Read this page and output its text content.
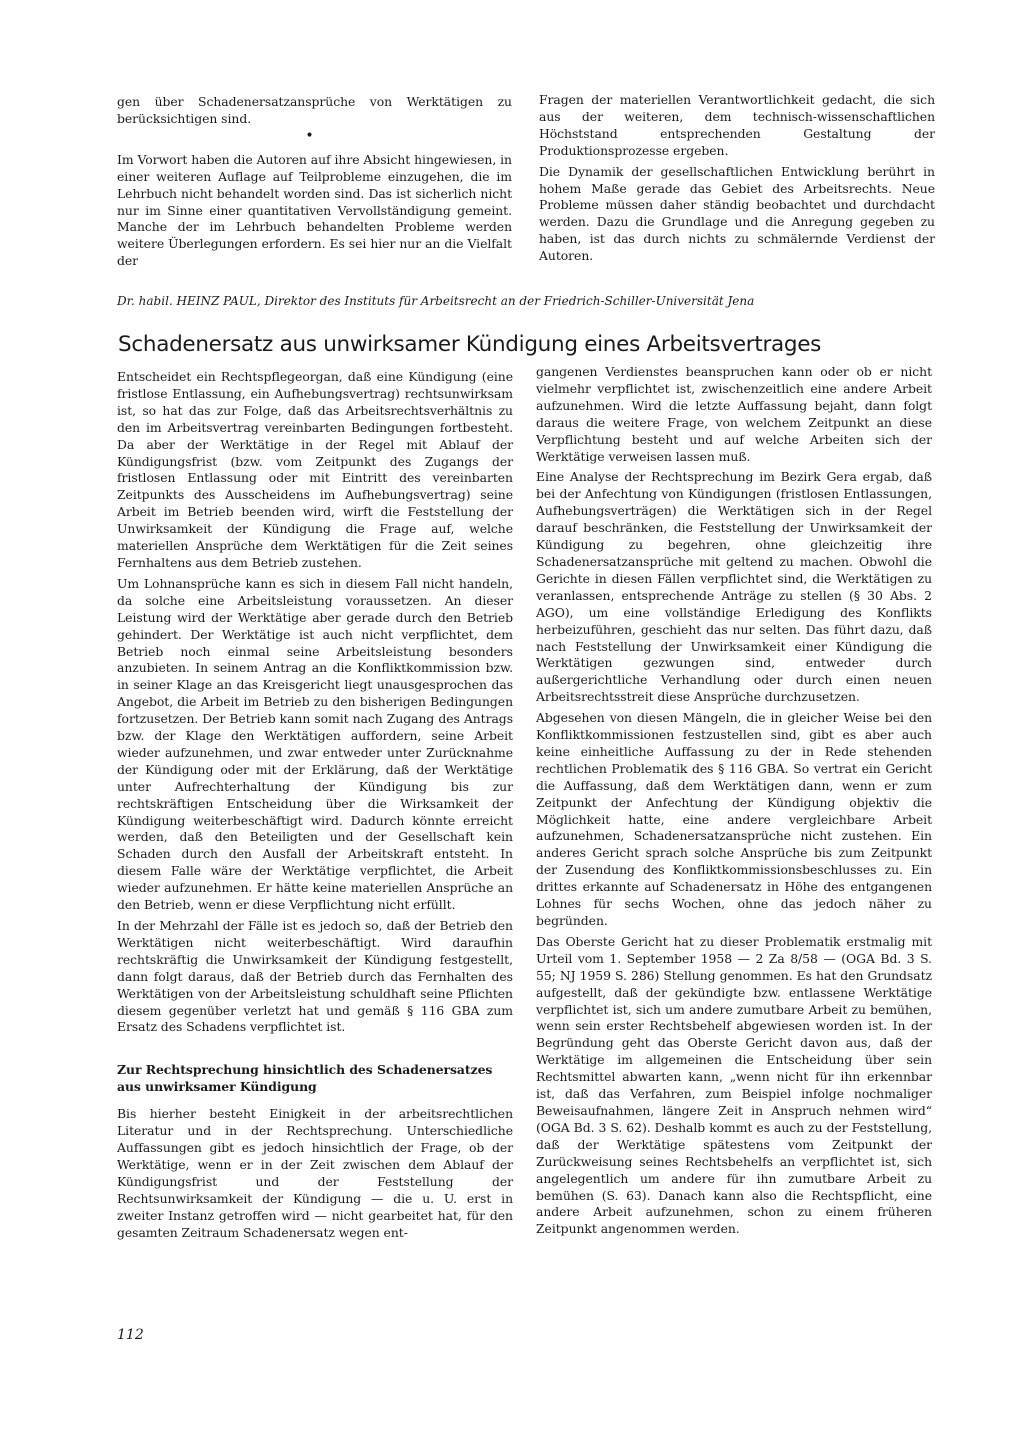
gen über Schadenersatzansprüche von Werktätigen zu berücksichtigen sind.

•

Im Vorwort haben die Autoren auf ihre Absicht hingewiesen, in einer weiteren Auflage auf Teilprobleme einzugehen, die im Lehrbuch nicht behandelt worden sind. Das ist sicherlich nicht nur im Sinne einer quantitativen Vervollständigung gemeint. Manche der im Lehrbuch behandelten Probleme werden weitere Überlegungen erfordern. Es sei hier nur an die Vielfalt der

Fragen der materiellen Verantwortlichkeit gedacht, die sich aus der weiteren, dem technisch-wissenschaftlichen Höchststand entsprechenden Gestaltung der Produktionsprozesse ergeben.

Die Dynamik der gesellschaftlichen Entwicklung berührt in hohem Maße gerade das Gebiet des Arbeitsrechts. Neue Probleme müssen daher ständig beobachtet und durchdacht werden. Dazu die Grundlage und die Anregung gegeben zu haben, ist das durch nichts zu schmälernde Verdienst der Autoren.

Dr. habil. HEINZ PAUL, Direktor des Instituts für Arbeitsrecht an der Friedrich-Schiller-Universität Jena
Schadenersatz aus unwirksamer Kündigung eines Arbeitsvertrages

Entscheidet ein Rechtspflegeorgan, daß eine Kündigung (eine fristlose Entlassung, ein Aufhebungsvertrag) rechtsunwirksam ist, so hat das zur Folge, daß das Arbeitsrechtsverhältnis zu den im Arbeitsvertrag vereinbarten Bedingungen fortbesteht. Da aber der Werktätige in der Regel mit Ablauf der Kündigungsfrist (bzw. vom Zeitpunkt des Zugangs der fristlosen Entlassung oder mit Eintritt des vereinbarten Zeitpunkts des Ausscheidens im Aufhebungsvertrag) seine Arbeit im Betrieb beenden wird, wirft die Feststellung der Unwirksamkeit der Kündigung die Frage auf, welche materiellen Ansprüche dem Werktätigen für die Zeit seines Fernhaltens aus dem Betrieb zustehen.

Um Lohnansprüche kann es sich in diesem Fall nicht handeln, da solche eine Arbeitsleistung voraussetzen. An dieser Leistung wird der Werktätige aber gerade durch den Betrieb gehindert. Der Werktätige ist auch nicht verpflichtet, dem Betrieb noch einmal seine Arbeitsleistung besonders anzubieten. In seinem Antrag an die Konfliktkommission bzw. in seiner Klage an das Kreisgericht liegt unausgesprochen das Angebot, die Arbeit im Betrieb zu den bisherigen Bedingungen fortzusetzen. Der Betrieb kann somit nach Zugang des Antrags bzw. der Klage den Werktätigen auffordern, seine Arbeit wieder aufzunehmen, und zwar entweder unter Zurücknahme der Kündigung oder mit der Erklärung, daß der Werktätige unter Aufrechterhaltung der Kündigung bis zur rechtskräftigen Entscheidung über die Wirksamkeit der Kündigung weiterbeschäftigt wird. Dadurch könnte erreicht werden, daß den Beteiligten und der Gesellschaft kein Schaden durch den Ausfall der Arbeitskraft entsteht. In diesem Falle wäre der Werktätige verpflichtet, die Arbeit wieder aufzunehmen. Er hätte keine materiellen Ansprüche an den Betrieb, wenn er diese Verpflichtung nicht erfüllt.

In der Mehrzahl der Fälle ist es jedoch so, daß der Betrieb den Werktätigen nicht weiterbeschäftigt. Wird daraufhin rechtskräftig die Unwirksamkeit der Kündigung festgestellt, dann folgt daraus, daß der Betrieb durch das Fernhalten des Werktätigen von der Arbeitsleistung schuldhaft seine Pflichten diesem gegenüber verletzt hat und gemäß § 116 GBA zum Ersatz des Schadens verpflichtet ist.

Zur Rechtsprechung hinsichtlich des Schadenersatzes aus unwirksamer Kündigung

Bis hierher besteht Einigkeit in der arbeitsrechtlichen Literatur und in der Rechtsprechung. Unterschiedliche Auffassungen gibt es jedoch hinsichtlich der Frage, ob der Werktätige, wenn er in der Zeit zwischen dem Ablauf der Kündigungsfrist und der Feststellung der Rechtsunwirksamkeit der Kündigung — die u. U. erst in zweiter Instanz getroffen wird — nicht gearbeitet hat, für den gesamten Zeitraum Schadenersatz wegen ent-

gangenen Verdienstes beanspruchen kann oder ob er nicht vielmehr verpflichtet ist, zwischenzeitlich eine andere Arbeit aufzunehmen. Wird die letzte Auffassung bejaht, dann folgt daraus die weitere Frage, von welchem Zeitpunkt an diese Verpflichtung besteht und auf welche Arbeiten sich der Werktätige verweisen lassen muß.

Eine Analyse der Rechtsprechung im Bezirk Gera ergab, daß bei der Anfechtung von Kündigungen (fristlosen Entlassungen, Aufhebungsverträgen) die Werktätigen sich in der Regel darauf beschränken, die Feststellung der Unwirksamkeit der Kündigung zu begehren, ohne gleichzeitig ihre Schadenersatzansprüche mit geltend zu machen. Obwohl die Gerichte in diesen Fällen verpflichtet sind, die Werktätigen zu veranlassen, entsprechende Anträge zu stellen (§ 30 Abs. 2 AGO), um eine vollständige Erledigung des Konflikts herbeizuführen, geschieht das nur selten. Das führt dazu, daß nach Feststellung der Unwirksamkeit einer Kündigung die Werktätigen gezwungen sind, entweder durch außergerichtliche Verhandlung oder durch einen neuen Arbeitsrechtsstreit diese Ansprüche durchzusetzen.

Abgesehen von diesen Mängeln, die in gleicher Weise bei den Konfliktkommissionen festzustellen sind, gibt es aber auch keine einheitliche Auffassung zu der in Rede stehenden rechtlichen Problematik des § 116 GBA. So vertrat ein Gericht die Auffassung, daß dem Werktätigen dann, wenn er zum Zeitpunkt der Anfechtung der Kündigung objektiv die Möglichkeit hatte, eine andere vergleichbare Arbeit aufzunehmen, Schadenersatzansprüche nicht zustehen. Ein anderes Gericht sprach solche Ansprüche bis zum Zeitpunkt der Zusendung des Konfliktkommissionsbeschlusses zu. Ein drittes erkannte auf Schadenersatz in Höhe des entgangenen Lohnes für sechs Wochen, ohne das jedoch näher zu begründen.

Das Oberste Gericht hat zu dieser Problematik erstmalig mit Urteil vom 1. September 1958 — 2 Za 8/58 — (OGA Bd. 3 S. 55; NJ 1959 S. 286) Stellung genommen. Es hat den Grundsatz aufgestellt, daß der gekündigte bzw. entlassene Werktätige verpflichtet ist, sich um andere zumutbare Arbeit zu bemühen, wenn sein erster Rechtsbehelf abgewiesen worden ist. In der Begründung geht das Oberste Gericht davon aus, daß der Werktätige im allgemeinen die Entscheidung über sein Rechtsmittel abwarten kann, „wenn nicht für ihn erkennbar ist, daß das Verfahren, zum Beispiel infolge nochmaliger Beweisaufnahmen, längere Zeit in Anspruch nehmen wird“ (OGA Bd. 3 S. 62). Deshalb kommt es auch zu der Feststellung, daß der Werktätige spätestens vom Zeitpunkt der Zurückweisung seines Rechtsbehelfs an verpflichtet ist, sich angelegentlich um andere für ihn zumutbare Arbeit zu bemühen (S. 63). Danach kann also die Rechtspflicht, eine andere Arbeit aufzunehmen, schon zu einem früheren Zeitpunkt angenommen werden.

112
